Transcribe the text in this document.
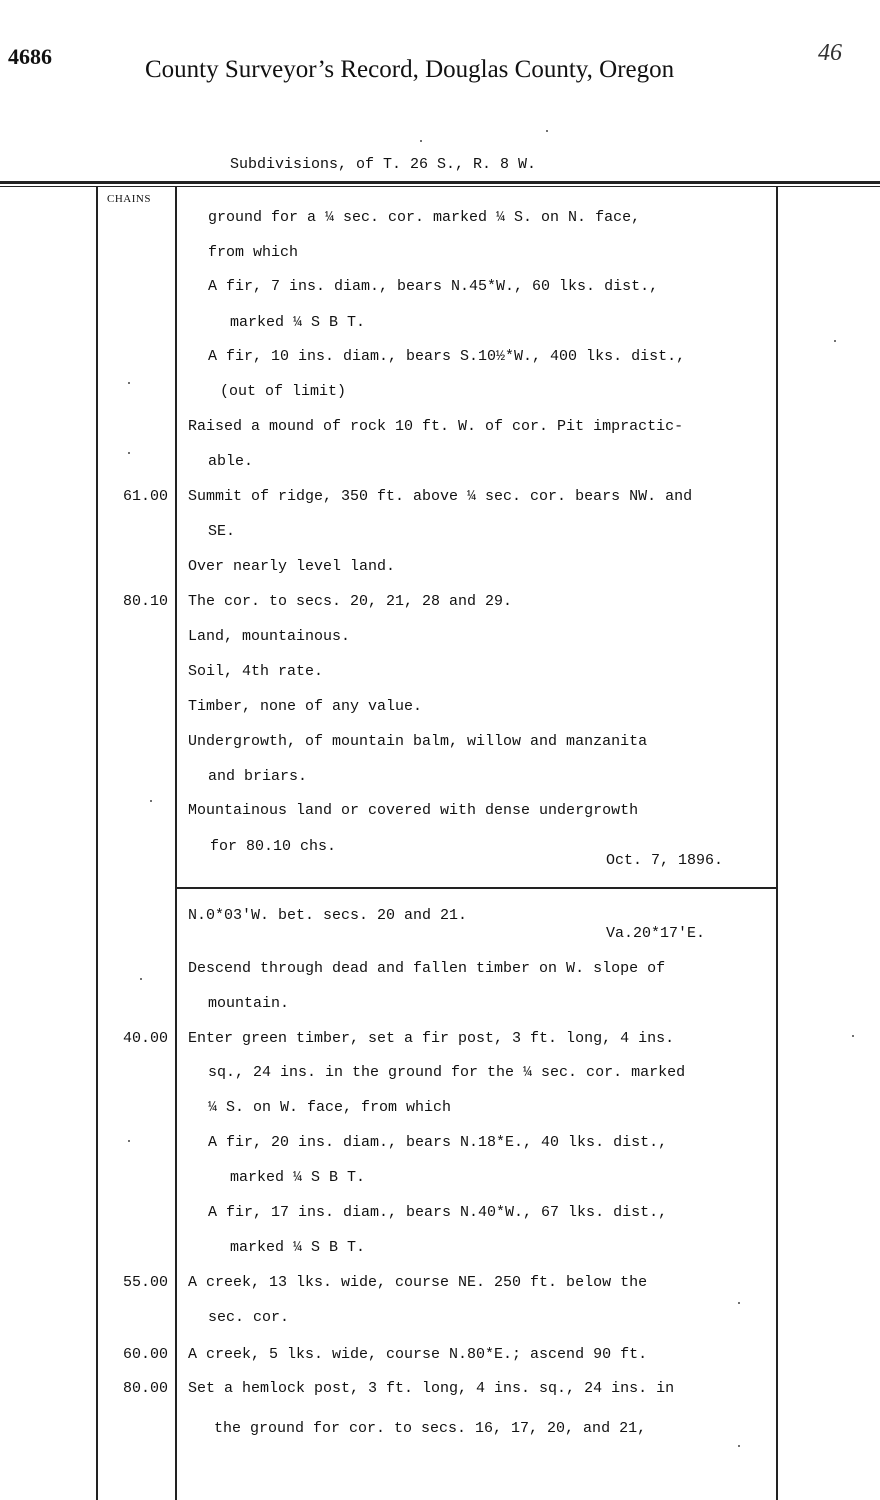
4686	County Surveyor’s Record, Douglas County, Oregon
46
Subdivisions, of T. 26 S., R. 8 W.
CHAINS
ground for a ¼ sec. cor. marked ¼ S. on N. face,
from which
A fir, 7 ins. diam., bears N.45*W., 60 lks. dist.,
marked ¼ S B T.
A fir, 10 ins. diam., bears S.10½*W., 400 lks. dist.,
(out of limit)
Raised a mound of rock 10 ft. W. of cor. Pit impractic-
able.
61.00 Summit of ridge, 350 ft. above ¼ sec. cor. bears NW. and
SE.
Over nearly level land.
80.10 The cor. to secs. 20, 21, 28 and 29.
Land, mountainous.
Soil, 4th rate.
Timber, none of any value.
Undergrowth, of mountain balm, willow and manzanita
and briars.
Mountainous land or covered with dense undergrowth
for 80.10 chs.
Oct. 7, 1896.
N.0*03'W. bet. secs. 20 and 21.
Va.20*17'E.
Descend through dead and fallen timber on W. slope of
mountain.
40.00 Enter green timber, set a fir post, 3 ft. long, 4 ins.
sq., 24 ins. in the ground for the ¼ sec. cor. marked
¼ S. on W. face, from which
A fir, 20 ins. diam., bears N.18*E., 40 lks. dist.,
marked ¼ S B T.
A fir, 17 ins. diam., bears N.40*W., 67 lks. dist.,
marked ¼ S B T.
55.00 A creek, 13 lks. wide, course NE. 250 ft. below the
sec. cor.
60.00 A creek, 5 lks. wide, course N.80*E.; ascend 90 ft.
80.00 Set a hemlock post, 3 ft. long, 4 ins. sq., 24 ins. in
the ground for cor. to secs. 16, 17, 20, and 21,
